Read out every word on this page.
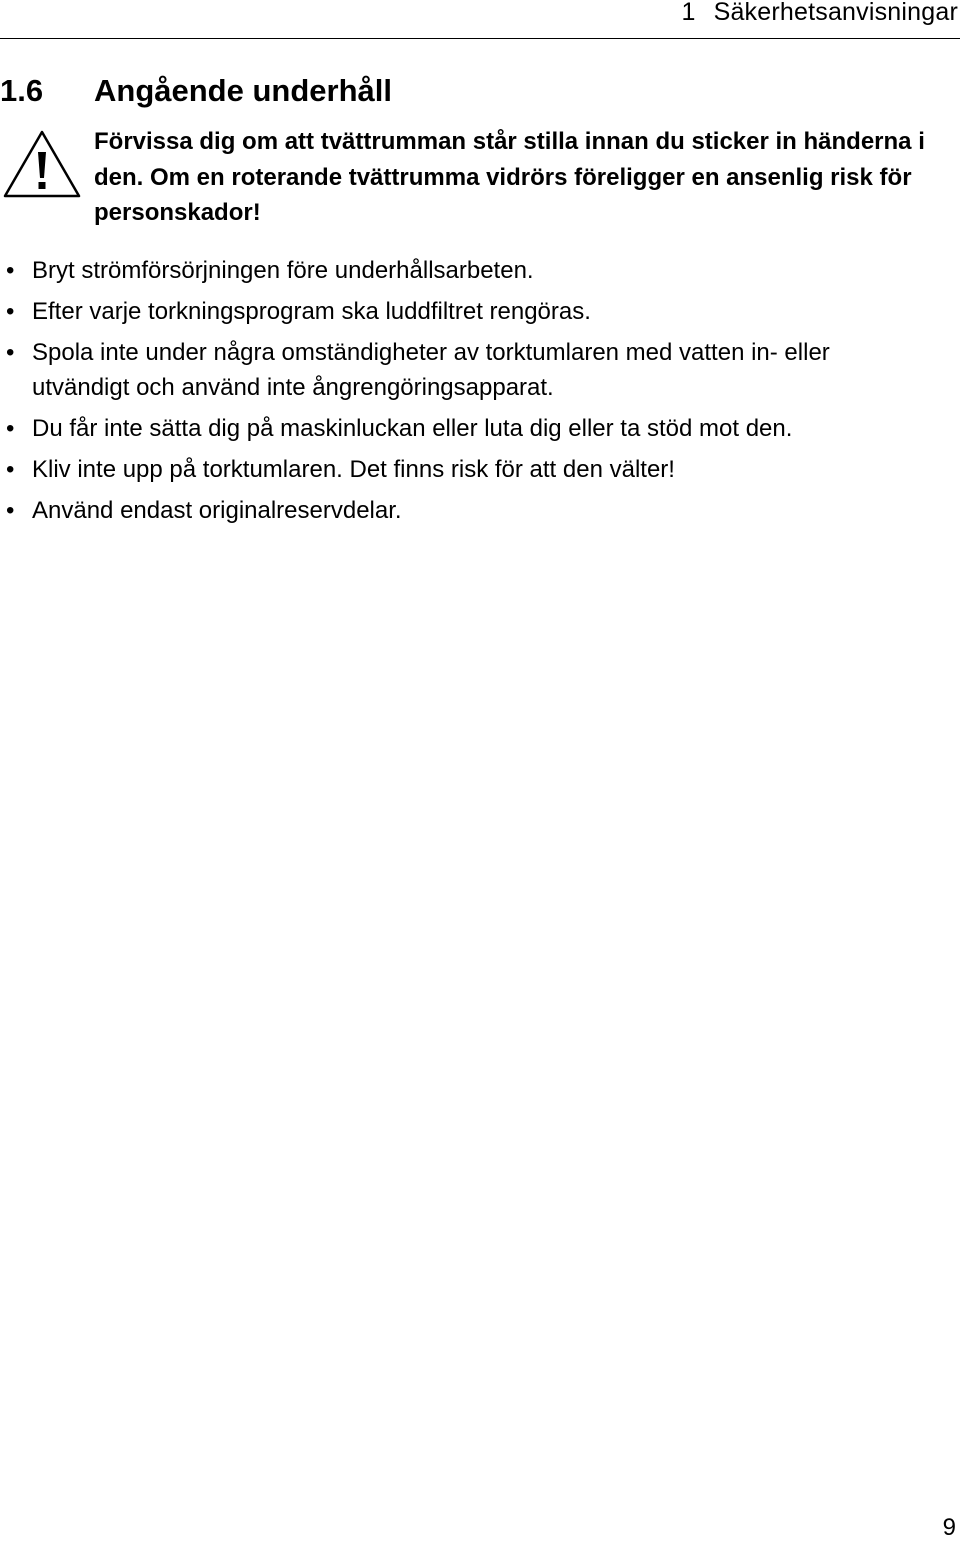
1 Säkerhetsanvisningar
1.6 Angående underhåll
Förvissa dig om att tvättrumman står stilla innan du sticker in händerna i den. Om en roterande tvättrumma vidrörs föreligger en ansenlig risk för personskador!
• Bryt strömförsörjningen före underhållsarbeten.
• Efter varje torkningsprogram ska luddfiltret rengöras.
• Spola inte under några omständigheter av torktumlaren med vatten in- eller
utvändigt och använd inte ångrengöringsapparat.
• Du får inte sätta dig på maskinluckan eller luta dig eller ta stöd mot den.
• Kliv inte upp på torktumlaren. Det finns risk för att den välter!
• Använd endast originalreservdelar.
9
